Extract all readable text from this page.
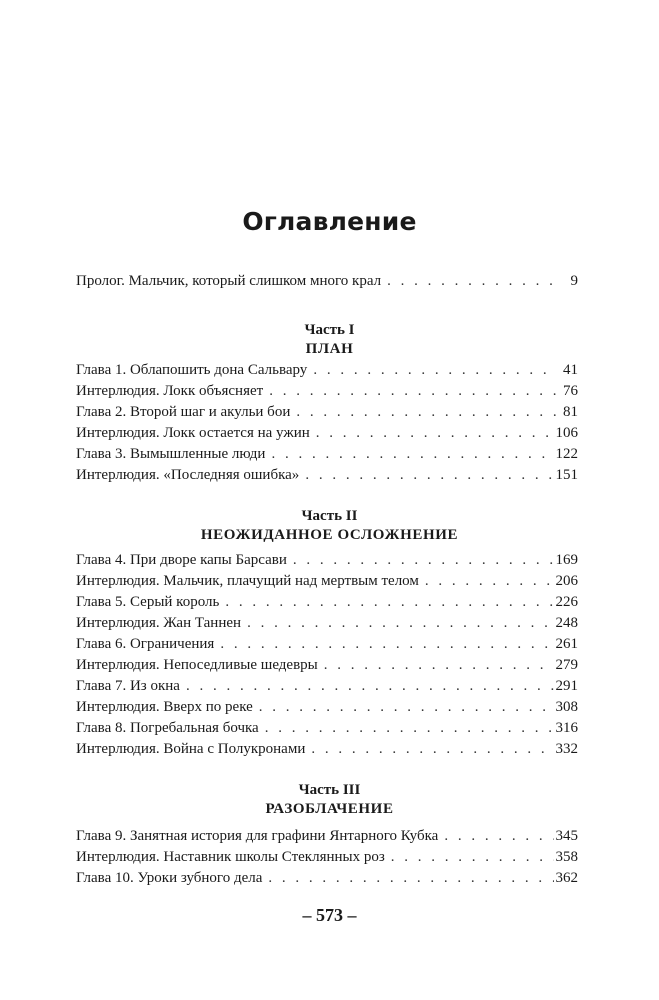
Оглавление
Пролог. Мальчик, который слишком много крал . . .	9
Часть I
ПЛАН
Глава 1. Облапошить дона Сальвару . . .	41
Интерлюдия. Локк объясняет . . .	76
Глава 2. Второй шаг и акульи бои . . .	81
Интерлюдия. Локк остается на ужин . . .	106
Глава 3. Вымышленные люди . . .	122
Интерлюдия. «Последняя ошибка» . . .	151
Часть II
НЕОЖИДАННОЕ ОСЛОЖНЕНИЕ
Глава 4. При дворе капы Барсави . . .	169
Интерлюдия. Мальчик, плачущий над мертвым телом . . .	206
Глава 5. Серый король . . .	226
Интерлюдия. Жан Таннен . . .	248
Глава 6. Ограничения . . .	261
Интерлюдия. Непоседливые шедевры . . .	279
Глава 7. Из окна . . .	291
Интерлюдия. Вверх по реке . . .	308
Глава 8. Погребальная бочка . . .	316
Интерлюдия. Война с Полукронами . . .	332
Часть III
РАЗОБЛАЧЕНИЕ
Глава 9. Занятная история для графини Янтарного Кубка . . .	345
Интерлюдия. Наставник школы Стеклянных роз . . .	358
Глава 10. Уроки зубного дела . . .	362
– 573 –
